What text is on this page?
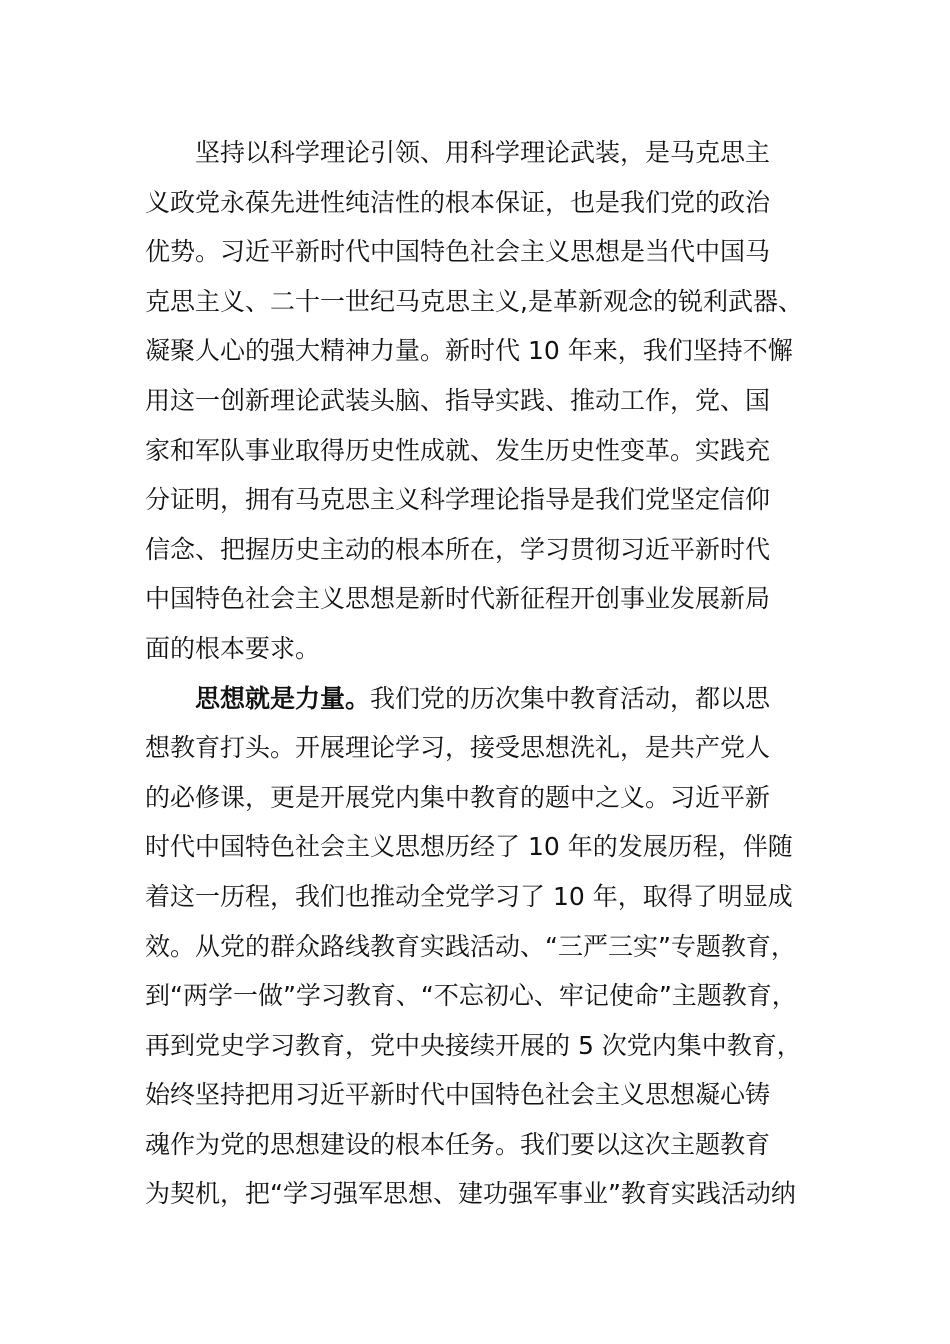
坚持以科学理论引领、用科学理论武装，是马克思主
义政党永葆先进性纯洁性的根本保证，也是我们党的政治
优势。习近平新时代中国特色社会主义思想是当代中国马
克思主义、二十一世纪马克思主义,是革新观念的锐利武器、
凝聚人心的强大精神力量。新时代 10 年来，我们坚持不懈
用这一创新理论武装头脑、指导实践、推动工作，党、国
家和军队事业取得历史性成就、发生历史性变革。实践充
分证明，拥有马克思主义科学理论指导是我们党坚定信仰
信念、把握历史主动的根本所在，学习贯彻习近平新时代
中国特色社会主义思想是新时代新征程开创事业发展新局
面的根本要求。
思想就是力量。我们党的历次集中教育活动，都以思
想教育打头。开展理论学习，接受思想洗礼，是共产党人
的必修课，更是开展党内集中教育的题中之义。习近平新
时代中国特色社会主义思想历经了 10 年的发展历程，伴随
着这一历程，我们也推动全党学习了 10 年，取得了明显成
效。从党的群众路线教育实践活动、“三严三实”专题教育，
到“两学一做”学习教育、“不忘初心、牢记使命”主题教育，
再到党史学习教育，党中央接续开展的 5 次党内集中教育，
始终坚持把用习近平新时代中国特色社会主义思想凝心铸
魂作为党的思想建设的根本任务。我们要以这次主题教育
为契机，把“学习强军思想、建功强军事业”教育实践活动纳
